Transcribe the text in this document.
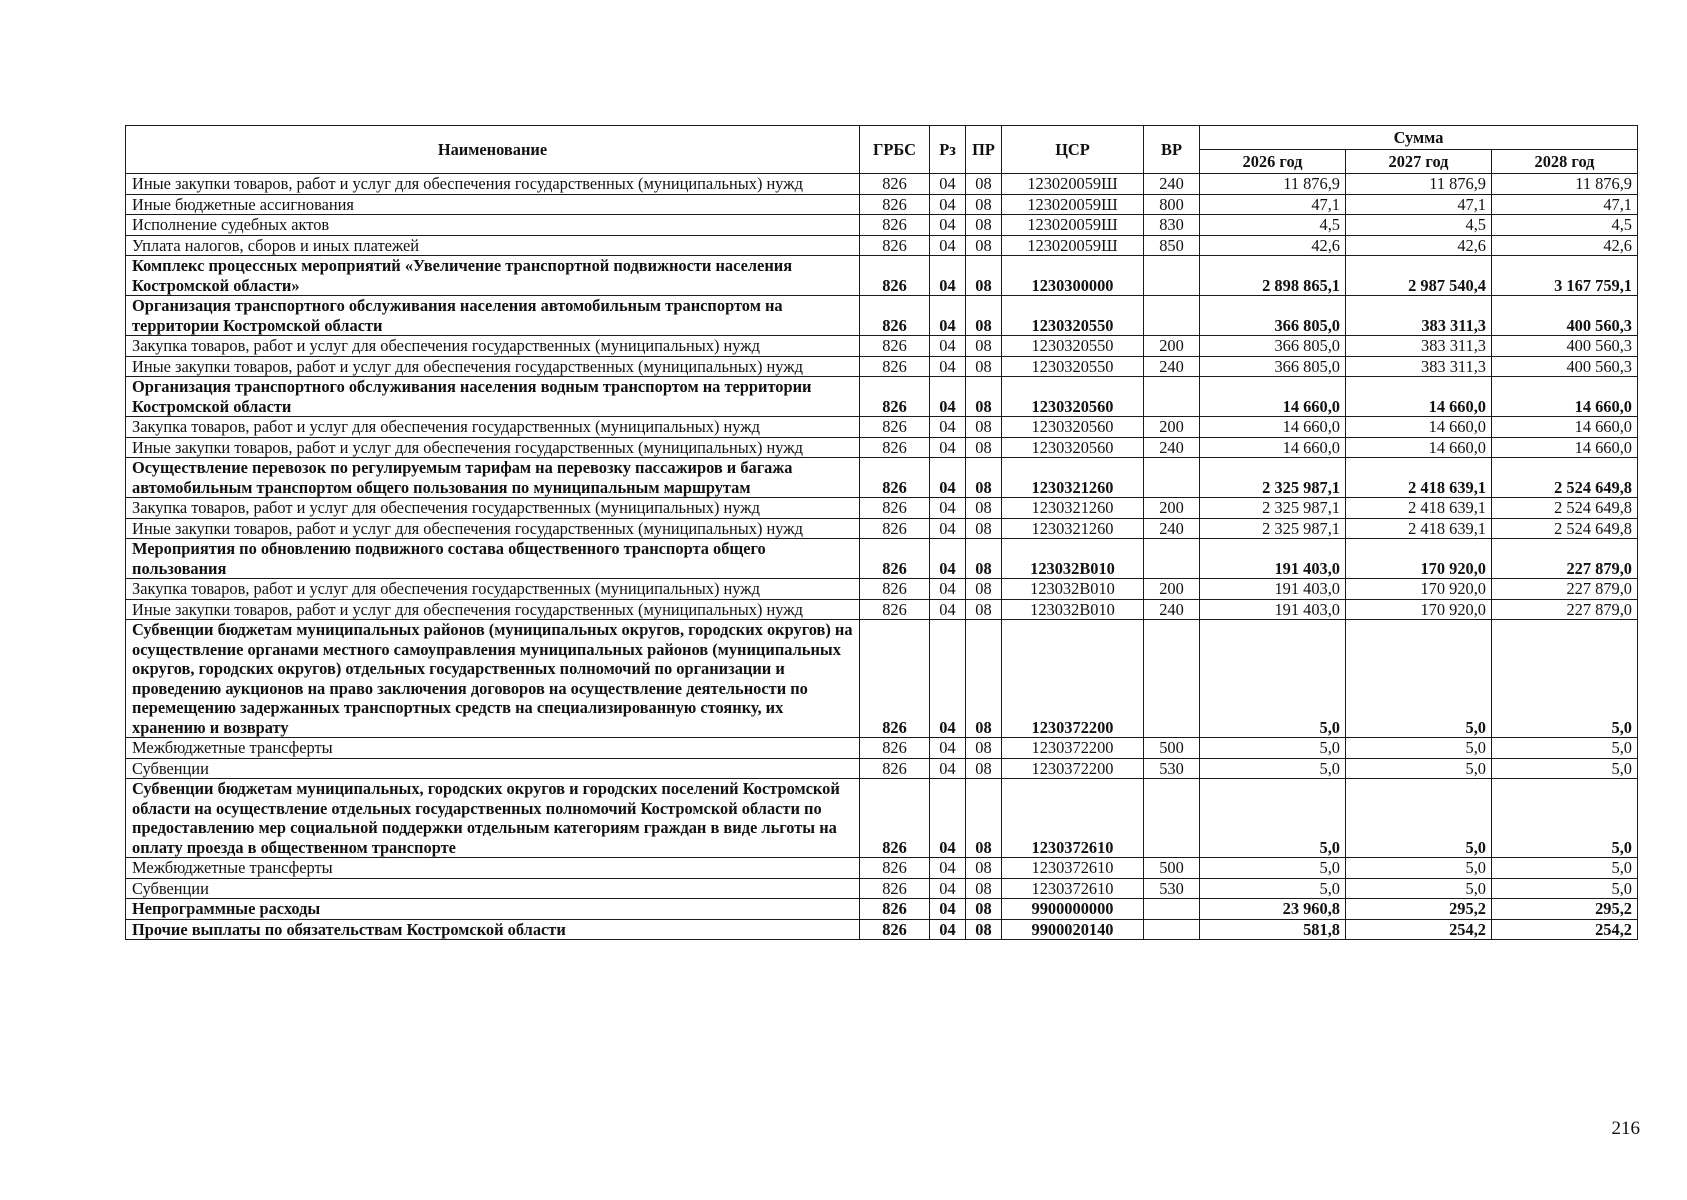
Наименование	ГРБС	Рз	ПР	ЦСР	ВР	Сумма		
						2026 год	2027 год	2028 год
Иные закупки товаров, работ и услуг для обеспечения государственных (муниципальных) нужд	826	04	08	123020059Ш	240	11 876,9	11 876,9	11 876,9
Иные бюджетные ассигнования	826	04	08	123020059Ш	800	47,1	47,1	47,1
Исполнение судебных актов	826	04	08	123020059Ш	830	4,5	4,5	4,5
Уплата налогов, сборов и иных платежей	826	04	08	123020059Ш	850	42,6	42,6	42,6
Комплекс процессных мероприятий «Увеличение транспортной подвижности населения Костромской области»	826	04	08	1230300000		2 898 865,1	2 987 540,4	3 167 759,1
Организация транспортного обслуживания населения автомобильным транспортом на территории Костромской области	826	04	08	1230320550		366 805,0	383 311,3	400 560,3
Закупка товаров, работ и услуг для обеспечения государственных (муниципальных) нужд	826	04	08	1230320550	200	366 805,0	383 311,3	400 560,3
Иные закупки товаров, работ и услуг для обеспечения государственных (муниципальных) нужд	826	04	08	1230320550	240	366 805,0	383 311,3	400 560,3
Организация транспортного обслуживания населения водным транспортом на территории Костромской области	826	04	08	1230320560		14 660,0	14 660,0	14 660,0
Закупка товаров, работ и услуг для обеспечения государственных (муниципальных) нужд	826	04	08	1230320560	200	14 660,0	14 660,0	14 660,0
Иные закупки товаров, работ и услуг для обеспечения государственных (муниципальных) нужд	826	04	08	1230320560	240	14 660,0	14 660,0	14 660,0
Осуществление перевозок по регулируемым тарифам на перевозку пассажиров и багажа автомобильным транспортом общего пользования по муниципальным маршрутам	826	04	08	1230321260		2 325 987,1	2 418 639,1	2 524 649,8
Закупка товаров, работ и услуг для обеспечения государственных (муниципальных) нужд	826	04	08	1230321260	200	2 325 987,1	2 418 639,1	2 524 649,8
Иные закупки товаров, работ и услуг для обеспечения государственных (муниципальных) нужд	826	04	08	1230321260	240	2 325 987,1	2 418 639,1	2 524 649,8
Мероприятия по обновлению подвижного состава общественного транспорта общего пользования	826	04	08	123032В010		191 403,0	170 920,0	227 879,0
Закупка товаров, работ и услуг для обеспечения государственных (муниципальных) нужд	826	04	08	123032В010	200	191 403,0	170 920,0	227 879,0
Иные закупки товаров, работ и услуг для обеспечения государственных (муниципальных) нужд	826	04	08	123032В010	240	191 403,0	170 920,0	227 879,0
Субвенции бюджетам муниципальных районов (муниципальных округов, городских округов) на осуществление органами местного самоуправления муниципальных районов (муниципальных округов, городских округов) отдельных государственных полномочий по организации и проведению аукционов на право заключения договоров на осуществление деятельности по перемещению задержанных транспортных средств на специализированную стоянку, их хранению и возврату	826	04	08	1230372200		5,0	5,0	5,0
Межбюджетные трансферты	826	04	08	1230372200	500	5,0	5,0	5,0
Субвенции	826	04	08	1230372200	530	5,0	5,0	5,0
Субвенции бюджетам муниципальных, городских округов и городских поселений Костромской области на осуществление отдельных государственных полномочий Костромской области по предоставлению мер социальной поддержки отдельным категориям граждан в виде льготы на оплату проезда в общественном транспорте	826	04	08	1230372610		5,0	5,0	5,0
Межбюджетные трансферты	826	04	08	1230372610	500	5,0	5,0	5,0
Субвенции	826	04	08	1230372610	530	5,0	5,0	5,0
Непрограммные расходы	826	04	08	9900000000		23 960,8	295,2	295,2
Прочие выплаты по обязательствам Костромской области	826	04	08	9900020140		581,8	254,2	254,2
216
